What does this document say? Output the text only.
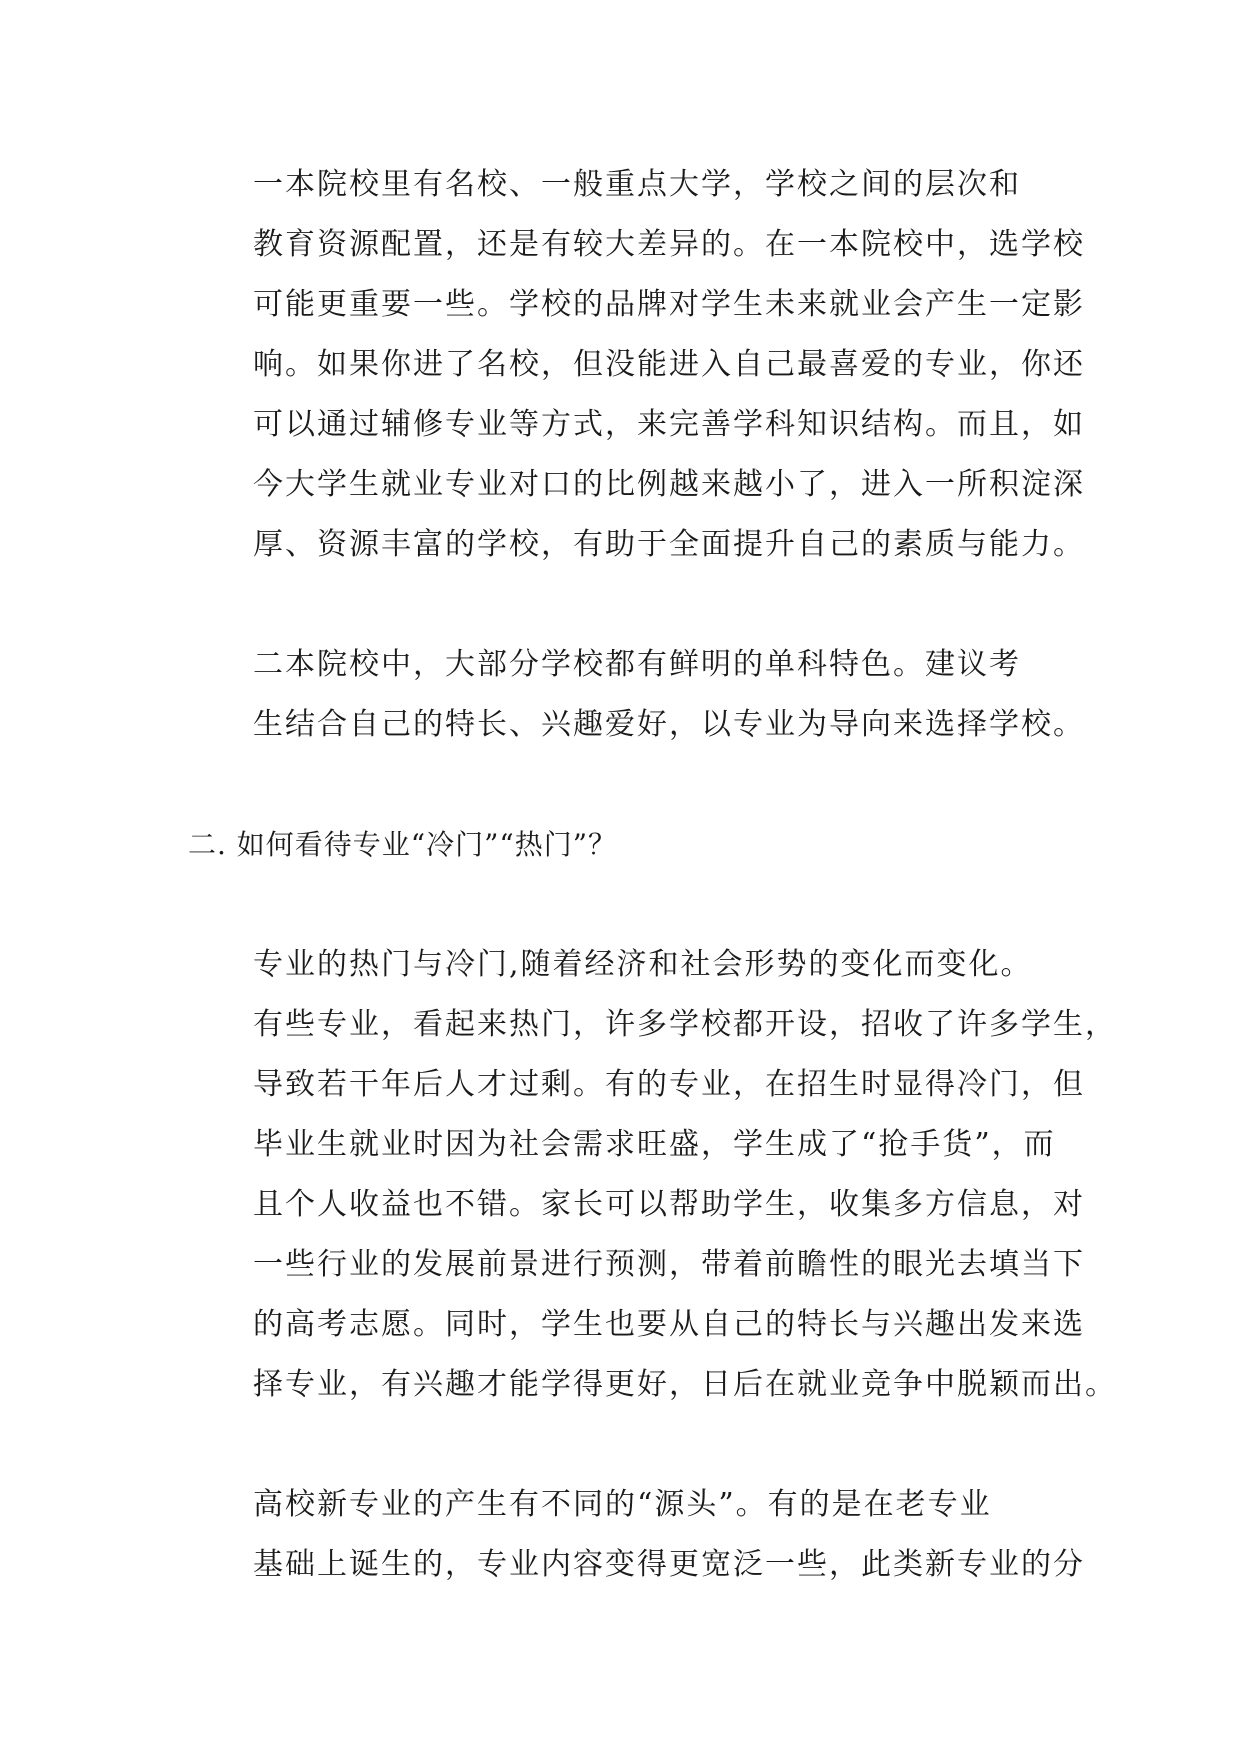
一本院校里有名校、一般重点大学，学校之间的层次和
教育资源配置，还是有较大差异的。在一本院校中，选学校
可能更重要一些。学校的品牌对学生未来就业会产生一定影
响。如果你进了名校，但没能进入自己最喜爱的专业，你还
可以通过辅修专业等方式，来完善学科知识结构。而且，如
今大学生就业专业对口的比例越来越小了，进入一所积淀深
厚、资源丰富的学校，有助于全面提升自己的素质与能力。

二本院校中，大部分学校都有鲜明的单科特色。建议考
生结合自己的特长、兴趣爱好，以专业为导向来选择学校。

二. 如何看待专业“冷门”“热门”？

专业的热门与冷门,随着经济和社会形势的变化而变化。
有些专业，看起来热门，许多学校都开设，招收了许多学生，
导致若干年后人才过剩。有的专业，在招生时显得冷门，但
毕业生就业时因为社会需求旺盛，学生成了“抢手货”，而
且个人收益也不错。家长可以帮助学生，收集多方信息，对
一些行业的发展前景进行预测，带着前瞻性的眼光去填当下
的高考志愿。同时，学生也要从自己的特长与兴趣出发来选
择专业，有兴趣才能学得更好，日后在就业竞争中脱颖而出。

高校新专业的产生有不同的“源头”。有的是在老专业
基础上诞生的，专业内容变得更宽泛一些，此类新专业的分
